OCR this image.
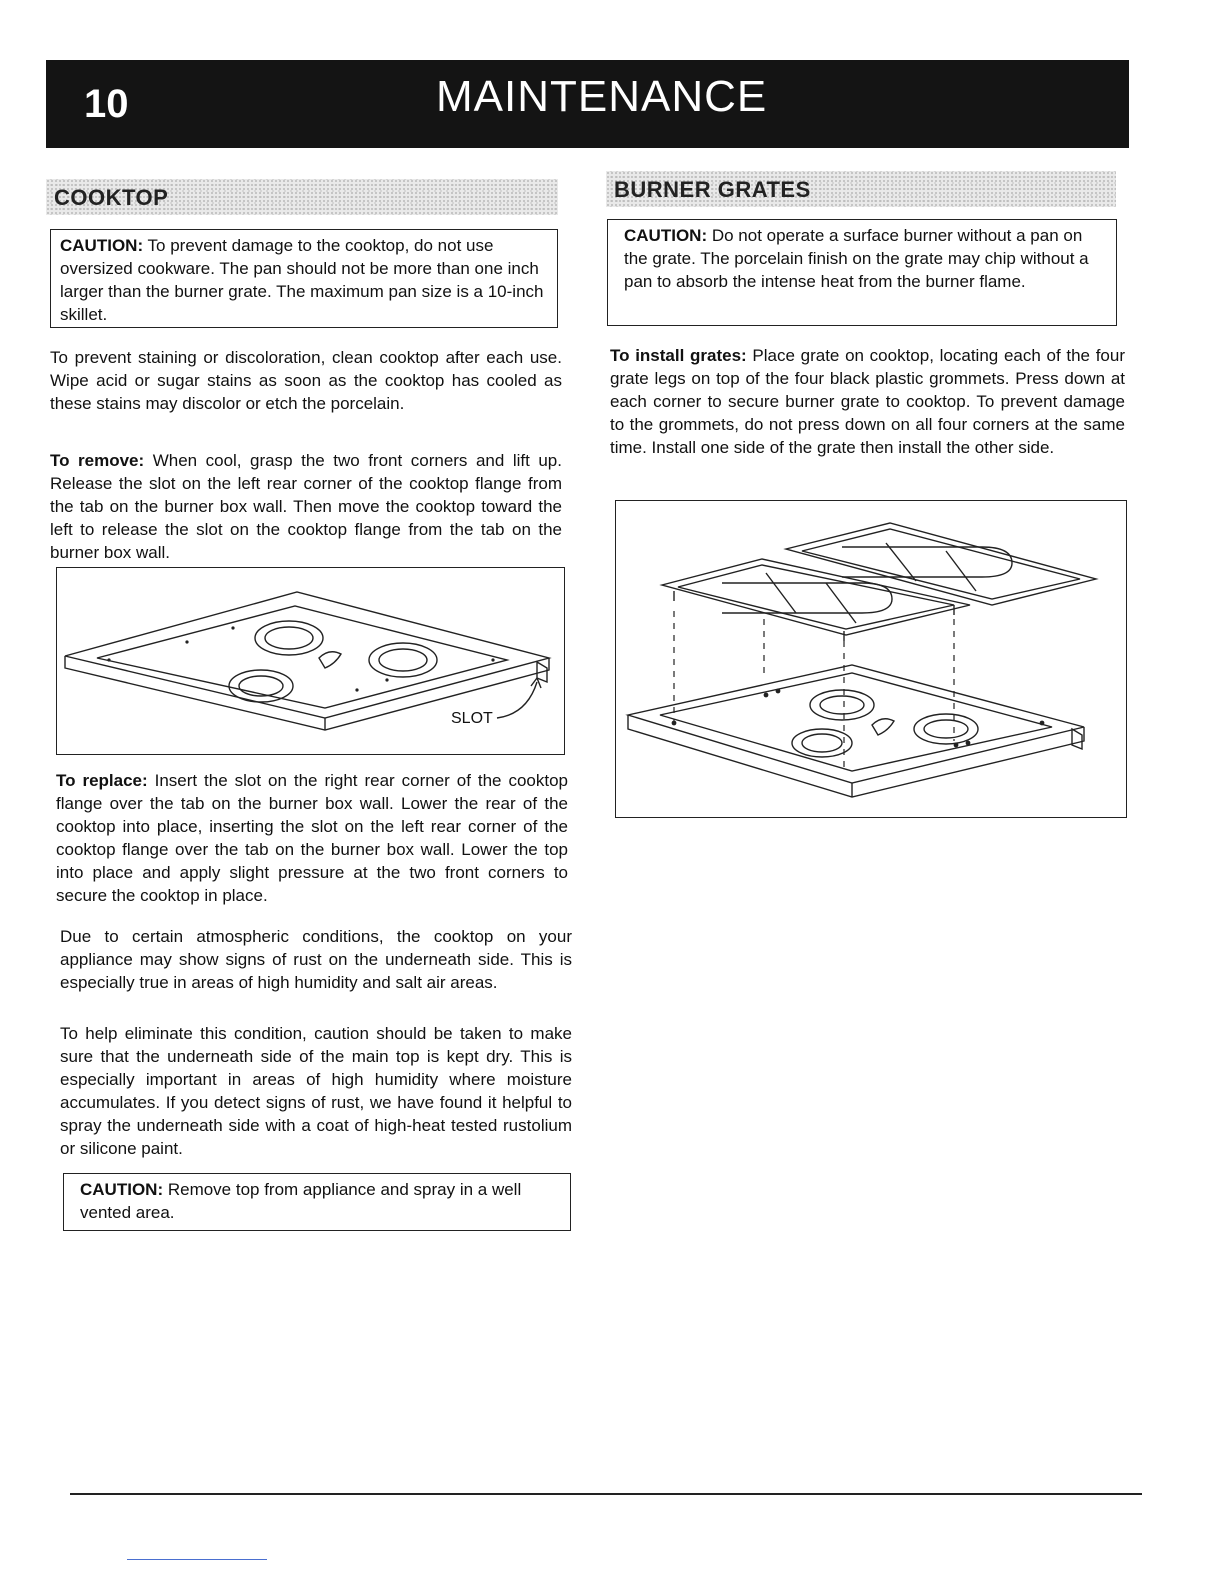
10	MAINTENANCE
COOKTOP
CAUTION: To prevent damage to the cooktop, do not use oversized cookware. The pan should not be more than one inch larger than the burner grate. The maximum pan size is a 10-inch skillet.
To prevent staining or discoloration, clean cooktop after each use. Wipe acid or sugar stains as soon as the cooktop has cooled as these stains may discolor or etch the porcelain.
To remove: When cool, grasp the two front corners and lift up. Release the slot on the left rear corner of the cooktop flange from the tab on the burner box wall. Then move the cooktop toward the left to release the slot on the cooktop flange from the tab on the burner box wall.
SLOT
To replace: Insert the slot on the right rear corner of the cooktop flange over the tab on the burner box wall. Lower the rear of the cooktop into place, inserting the slot on the left rear corner of the cooktop flange over the tab on the burner box wall. Lower the top into place and apply slight pressure at the two front corners to secure the cooktop in place.
Due to certain atmospheric conditions, the cooktop on your appliance may show signs of rust on the underneath side. This is especially true in areas of high humidity and salt air areas.
To help eliminate this condition, caution should be taken to make sure that the underneath side of the main top is kept dry. This is especially important in areas of high humidity where moisture accumulates. If you detect signs of rust, we have found it helpful to spray the underneath side with a coat of high-heat tested rustolium or silicone paint.
CAUTION: Remove top from appliance and spray in a well vented area.
BURNER GRATES
CAUTION: Do not operate a surface burner without a pan on the grate. The porcelain finish on the grate may chip without a pan to absorb the intense heat from the burner flame.
To install grates: Place grate on cooktop, locating each of the four grate legs on top of the four black plastic grommets. Press down at each corner to secure burner grate to cooktop. To prevent damage to the grommets, do not press down on all four corners at the same time. Install one side of the grate then install the other side.
